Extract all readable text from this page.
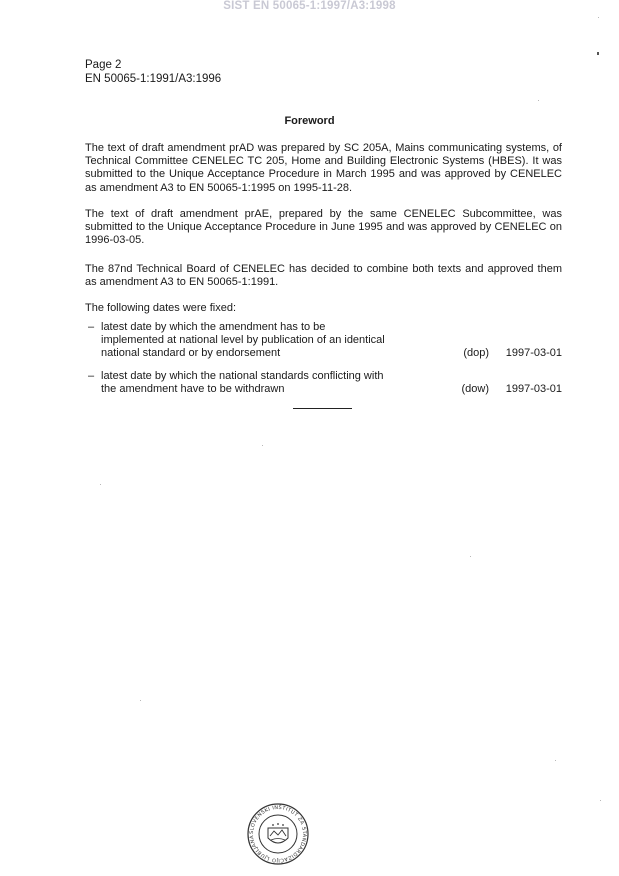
SIST EN 50065-1:1997/A3:1998
Page 2
EN 50065-1:1991/A3:1996
Foreword

The text of draft amendment prAD was prepared by SC 205A, Mains communicating systems, of Technical Committee CENELEC TC 205, Home and Building Electronic Systems (HBES). It was submitted to the Unique Acceptance Procedure in March 1995 and was approved by CENELEC as amendment A3 to EN 50065-1:1995 on 1995-11-28.

The text of draft amendment prAE, prepared by the same CENELEC Subcommittee, was submitted to the Unique Acceptance Procedure in June 1995 and was approved by CENELEC on 1996-03-05.

The 87nd Technical Board of CENELEC has decided to combine both texts and approved them as amendment A3 to EN 50065-1:1991.

The following dates were fixed:

– latest date by which the amendment has to be implemented at national level by publication of an identical national standard or by endorsement	(dop) 1997-03-01
– latest date by which the national standards conflicting with the amendment have to be withdrawn	(dow) 1997-03-01
SLOVENSKI INŠTITUT ZA STANDARDIZACIJO LJUBLJANA
